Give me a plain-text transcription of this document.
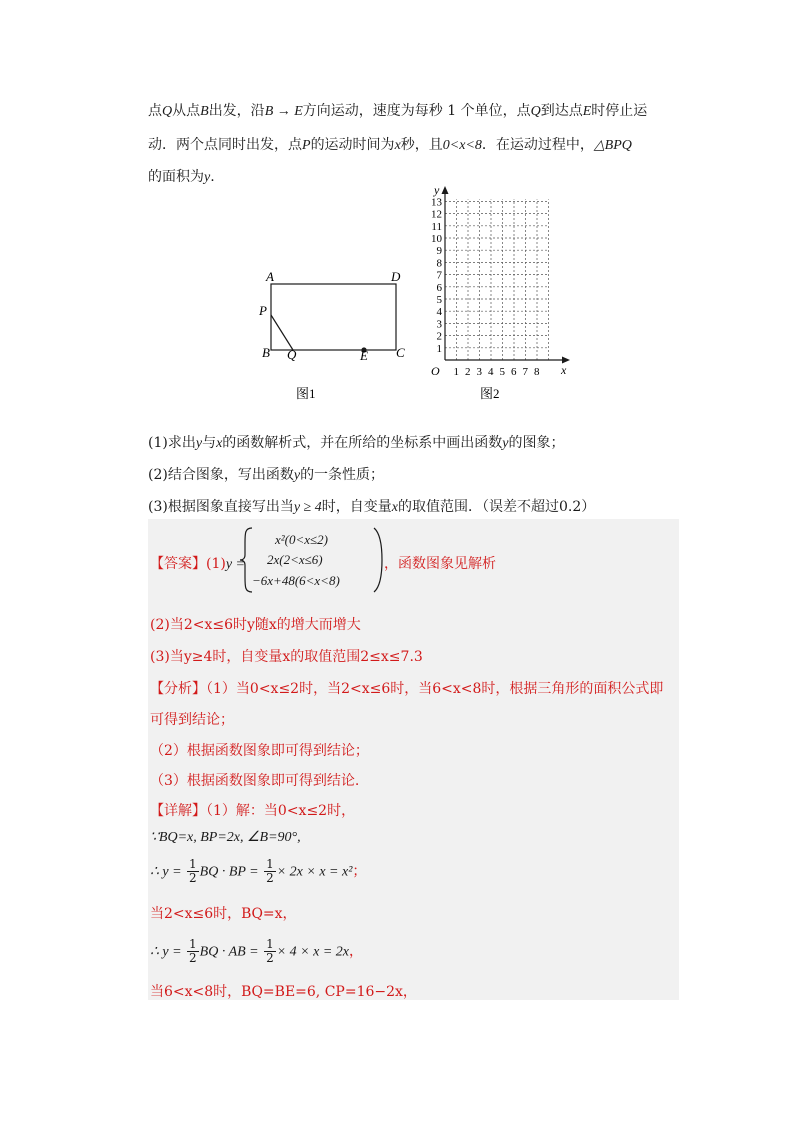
点Q从点B出发，沿B → E方向运动，速度为每秒 1 个单位，点Q到达点E时停止运
动．两个点同时出发，点P的运动时间为x秒，且0<x<8．在运动过程中，△BPQ
的面积为y.
A	D
P
B Q	E C
图1
y
x
O
1
2
3
4
5
6
7
8
9
10
11
12
13
1 2 3 4 5 6 7 8
图2
(1)求出y与x的函数解析式，并在所给的坐标系中画出函数y的图象；
(2)结合图象，写出函数y的一条性质；
(3)根据图象直接写出当y ≥ 4时，自变量x的取值范围．（误差不超过0.2）
【答案】(1)y =
x²(0<x≤2)
2x(2<x≤6)
−6x+48(6<x<8)
，函数图象见解析
(2)当2<x≤6时y随x的增大而增大
(3)当y≥4时，自变量x的取值范围2≤x≤7.3
【分析】（1）当0<x≤2时，当2<x≤6时，当6<x<8时，根据三角形的面积公式即
可得到结论；
（2）根据函数图象即可得到结论；
（3）根据函数图象即可得到结论.
【详解】（1）解：当0<x≤2时，
∵BQ=x, BP=2x, ∠B=90°,
∴ $y = \frac{1}{2}$ BQ · BP = $\frac{1}{2} \times 2x \times x = x^2$；
当2<x≤6时，BQ=x，
∴ $y = \frac{1}{2}$ BQ · AB = $\frac{1}{2} \times 4 \times x = 2x$，
当6<x<8时，BQ=BE=6, CP=16−2x，
